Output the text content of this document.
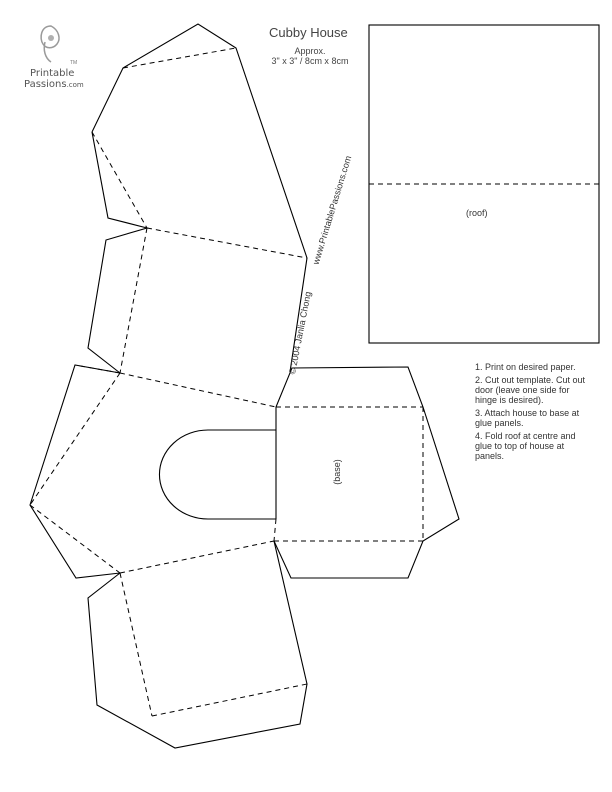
TM
Printable
Passions.com
Cubby House
Approx.
3" x 3" / 8cm x 8cm
(roof)
(base)
© 2004 Janlia Chong
www.PrintablePassions.com
1. Print on desired paper.
2. Cut out template. Cut out door (leave one side for hinge is desired).
3. Attach house to base at glue panels.
4. Fold roof at centre and glue to top of house at panels.
